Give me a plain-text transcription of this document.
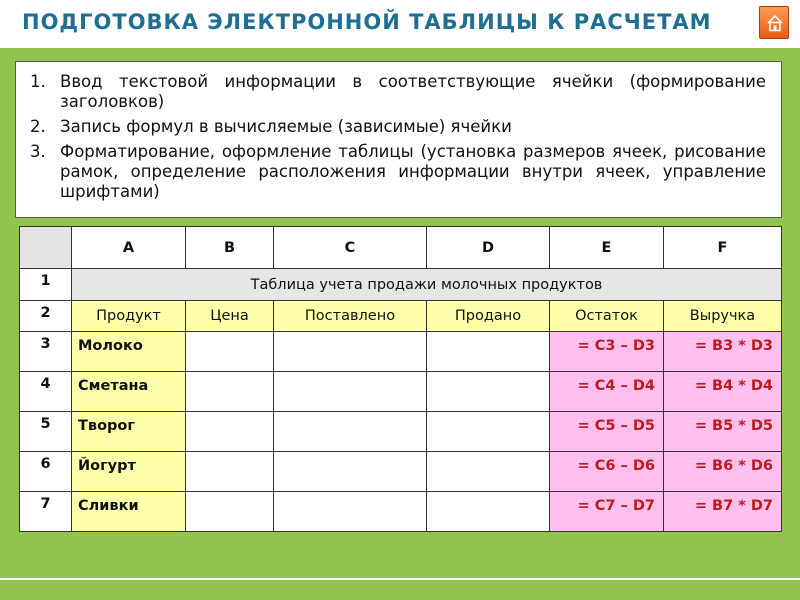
ПОДГОТОВКА ЭЛЕКТРОННОЙ ТАБЛИЦЫ К РАСЧЕТАМ
1. Ввод текстовой информации в соответствующие ячейки (формирование заголовков)
2. Запись формул в вычисляемые (зависимые) ячейки
3. Форматирование, оформление таблицы (установка размеров ячеек, рисование рамок, определение расположения информации внутри ячеек, управление шрифтами)
	A	B	C	D	E	F
1	Таблица учета продажи молочных продуктов					
2	Продукт	Цена	Поставлено	Продано	Остаток	Выручка
3	Молоко				= C3 – D3	= B3 * D3
4	Сметана				= C4 – D4	= B4 * D4
5	Творог				= C5 – D5	= B5 * D5
6	Йогурт				= C6 – D6	= B6 * D6
7	Сливки				= C7 – D7	= B7 * D7
